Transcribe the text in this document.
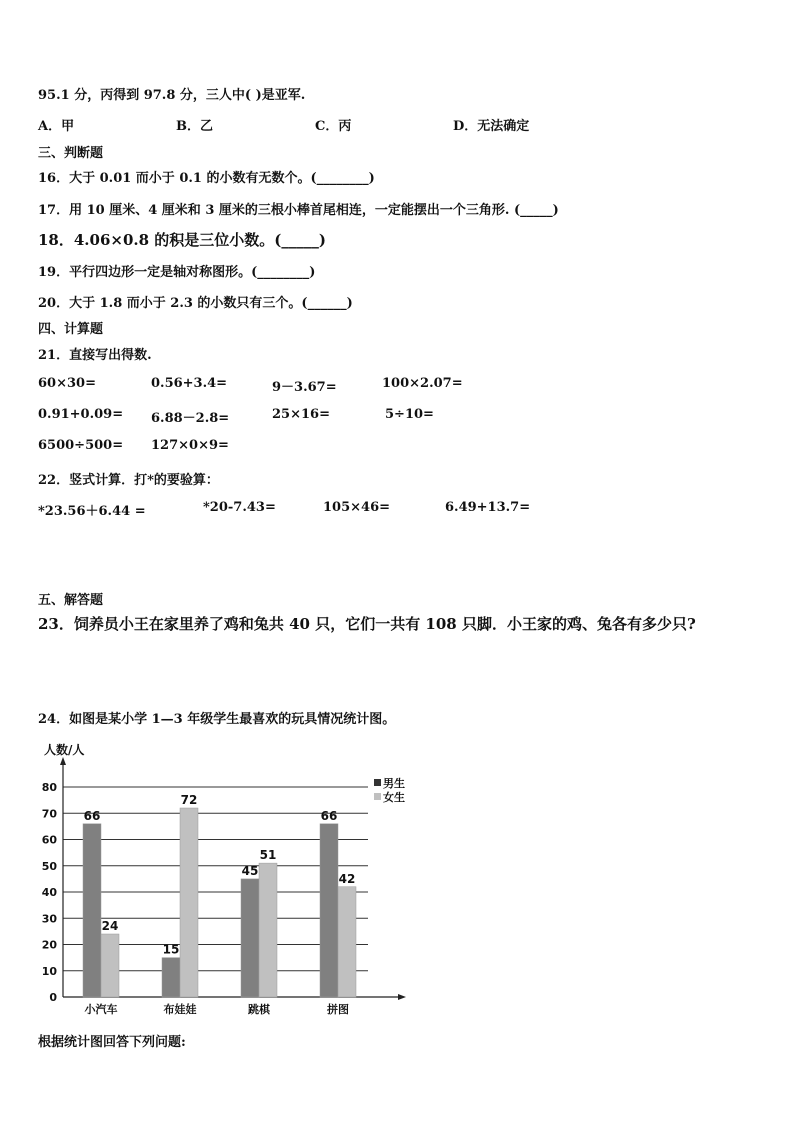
95.1 分，丙得到 97.8 分，三人中( )是亚军.
A．甲	B．乙	C．丙	D．无法确定
三、判断题
16．大于 0.01 而小于 0.1 的小数有无数个。(________)
17．用 10 厘米、4 厘米和 3 厘米的三根小棒首尾相连，一定能摆出一个三角形. (_____)
18．4.06×0.8 的积是三位小数。(_____)
19．平行四边形一定是轴对称图形。(________)
20．大于 1.8 而小于 2.3 的小数只有三个。(______)
四、计算题
21．直接写出得数.
60×30=	0.56+3.4=	9－3.67=	100×2.07=
0.91+0.09= 6.88－2.8=	25×16=	5÷10=
6500÷500= 127×0×9=
22．竖式计算．打*的要验算：
*23.56＋6.44 =	*20-7.43=	105×46=	6.49+13.7=
五、解答题
23．饲养员小王在家里养了鸡和兔共 40 只，它们一共有 108 只脚．小王家的鸡、兔各有多少只?
24．如图是某小学 1—3 年级学生最喜欢的玩具情况统计图。
人数/人
0
10
20
30
40
50
60
70
80
66
24
15
72
45
51
66
42
小汽车	布娃娃	跳棋	拼图
男生
女生
根据统计图回答下列问题:
